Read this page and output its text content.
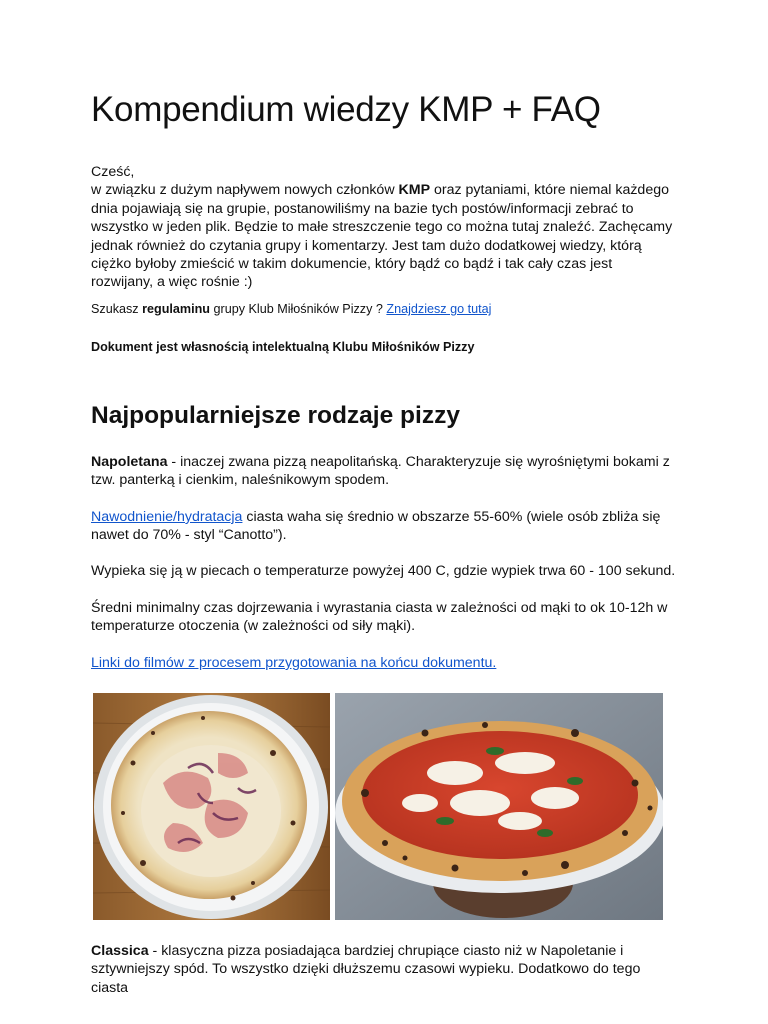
Kompendium wiedzy KMP + FAQ

Cześć,
w związku z dużym napływem nowych członków KMP oraz pytaniami, które niemal każdego dnia pojawiają się na grupie, postanowiliśmy na bazie tych postów/informacji zebrać to wszystko w jeden plik. Będzie to małe streszczenie tego co można tutaj znaleźć. Zachęcamy jednak również do czytania grupy i komentarzy. Jest tam dużo dodatkowej wiedzy, którą ciężko byłoby zmieścić w takim dokumencie, który bądź co bądź i tak cały czas jest rozwijany, a więc rośnie :)

Szukasz regulaminu grupy Klub Miłośników Pizzy ? Znajdziesz go tutaj

Dokument jest własnością intelektualną Klubu Miłośników Pizzy

Najpopularniejsze rodzaje pizzy

Napoletana - inaczej zwana pizzą neapolitańską. Charakteryzuje się wyrośniętymi bokami z tzw. panterką i cienkim, naleśnikowym spodem.

Nawodnienie/hydratacja ciasta waha się średnio w obszarze 55-60% (wiele osób zbliża się nawet do 70% - styl “Canotto”).

Wypieka się ją w piecach o temperaturze powyżej 400 C, gdzie wypiek trwa 60 - 100 sekund.

Średni minimalny czas dojrzewania i wyrastania ciasta w zależności od mąki to ok 10-12h w temperaturze otoczenia (w zależności od siły mąki).

Linki do filmów z procesem przygotowania na końcu dokumentu.

Classica - klasyczna pizza posiadająca bardziej chrupiące ciasto niż w Napoletanie i sztywniejszy spód. To wszystko dzięki dłuższemu czasowi wypieku. Dodatkowo do tego ciasta
